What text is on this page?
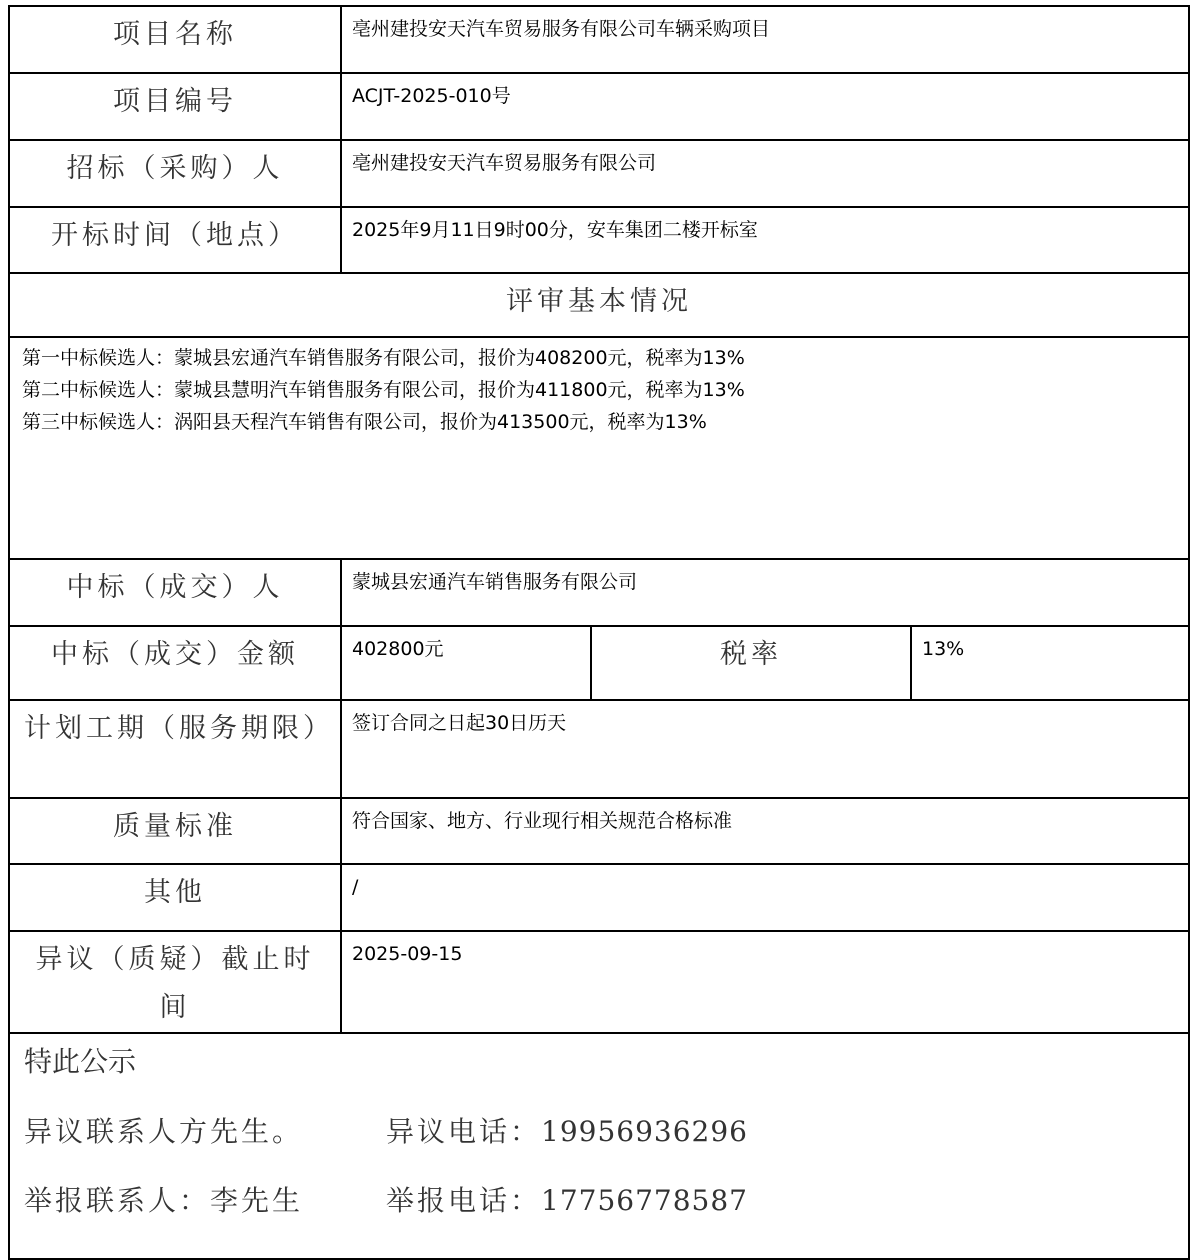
项目名称	亳州建投安天汽车贸易服务有限公司车辆采购项目		
项目编号	ACJT-2025-010号		
招标（采购）人	亳州建投安天汽车贸易服务有限公司		
开标时间（地点）	2025年9月11日9时00分，安车集团二楼开标室		
评审基本情况			

第一中标候选人：蒙城县宏通汽车销售服务有限公司，报价为408200元，税率为13%
第二中标候选人：蒙城县慧明汽车销售服务有限公司，报价为411800元，税率为13%
第三中标候选人：涡阳县天程汽车销售有限公司，报价为413500元，税率为13%			

中标（成交）人	蒙城县宏通汽车销售服务有限公司		
中标（成交）金额	402800元	税率	13%
计划工期（服务期限）	签订合同之日起30日历天		
质量标准	符合国家、地方、行业现行相关规范合格标准		
其他	/		
异议（质疑）截止时间	2025-09-15		

特此公示
异议联系人方先生。 异议电话：19956936296
举报联系人：李先生 举报电话：17756778587			
